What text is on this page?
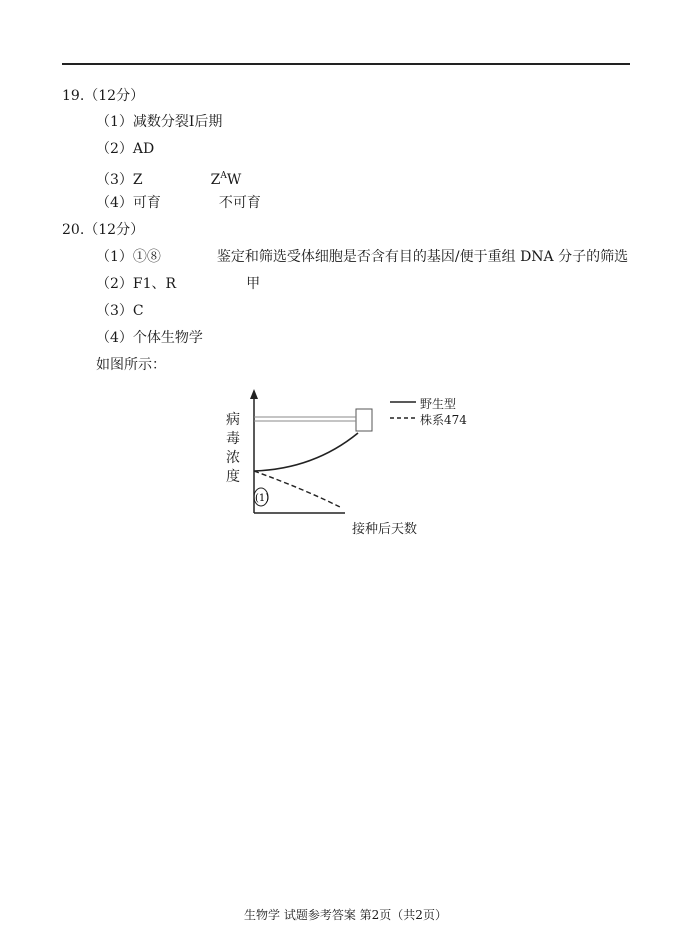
19.（12分）
（1）减数分裂I后期
（2）AD
（3）Z	$Z^AW$
（4）可育	不可育
20.（12分）
（1）①⑧	鉴定和筛选受体细胞是否含有目的基因/便于重组 DNA 分子的筛选
（2）F1、R	甲
（3）C
（4）个体生物学
如图所示：
(1)
野生型
株系474
病
毒
浓
度
接种后天数
生物学 试题参考答案 第2页（共2页）
